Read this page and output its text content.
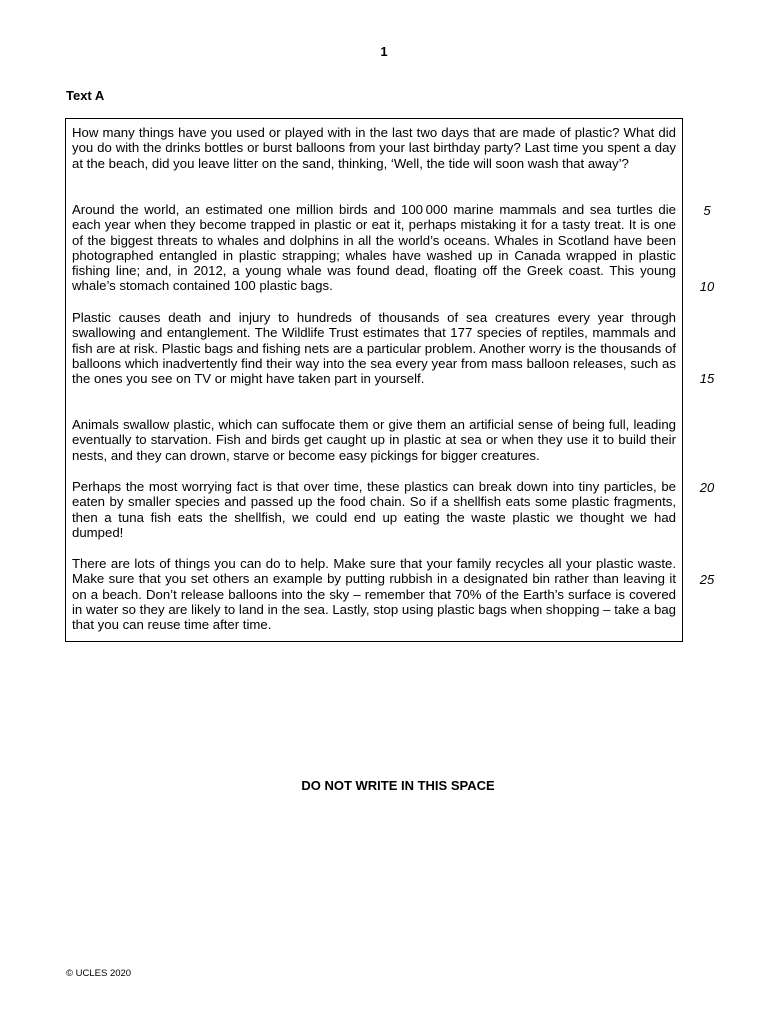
1
Text A
How many things have you used or played with in the last two days that are made of plastic? What did you do with the drinks bottles or burst balloons from your last birthday party? Last time you spent a day at the beach, did you leave litter on the sand, thinking, ‘Well, the tide will soon wash that away’?
Around the world, an estimated one million birds and 100 000 marine mammals and sea turtles die each year when they become trapped in plastic or eat it, perhaps mistaking it for a tasty treat. It is one of the biggest threats to whales and dolphins in all the world’s oceans. Whales in Scotland have been photographed entangled in plastic strapping; whales have washed up in Canada wrapped in plastic fishing line; and, in 2012, a young whale was found dead, floating off the Greek coast. This young whale’s stomach contained 100 plastic bags.
Plastic causes death and injury to hundreds of thousands of sea creatures every year through swallowing and entanglement. The Wildlife Trust estimates that 177 species of reptiles, mammals and fish are at risk. Plastic bags and fishing nets are a particular problem. Another worry is the thousands of balloons which inadvertently find their way into the sea every year from mass balloon releases, such as the ones you see on TV or might have taken part in yourself.
Animals swallow plastic, which can suffocate them or give them an artificial sense of being full, leading eventually to starvation. Fish and birds get caught up in plastic at sea or when they use it to build their nests, and they can drown, starve or become easy pickings for bigger creatures.
Perhaps the most worrying fact is that over time, these plastics can break down into tiny particles, be eaten by smaller species and passed up the food chain. So if a shellfish eats some plastic fragments, then a tuna fish eats the shellfish, we could end up eating the waste plastic we thought we had dumped!
There are lots of things you can do to help. Make sure that your family recycles all your plastic waste. Make sure that you set others an example by putting rubbish in a designated bin rather than leaving it on a beach. Don’t release balloons into the sky – remember that 70% of the Earth’s surface is covered in water so they are likely to land in the sea. Lastly, stop using plastic bags when shopping – take a bag that you can reuse time after time.
5
10
15
20
25
DO NOT WRITE IN THIS SPACE
© UCLES 2020
